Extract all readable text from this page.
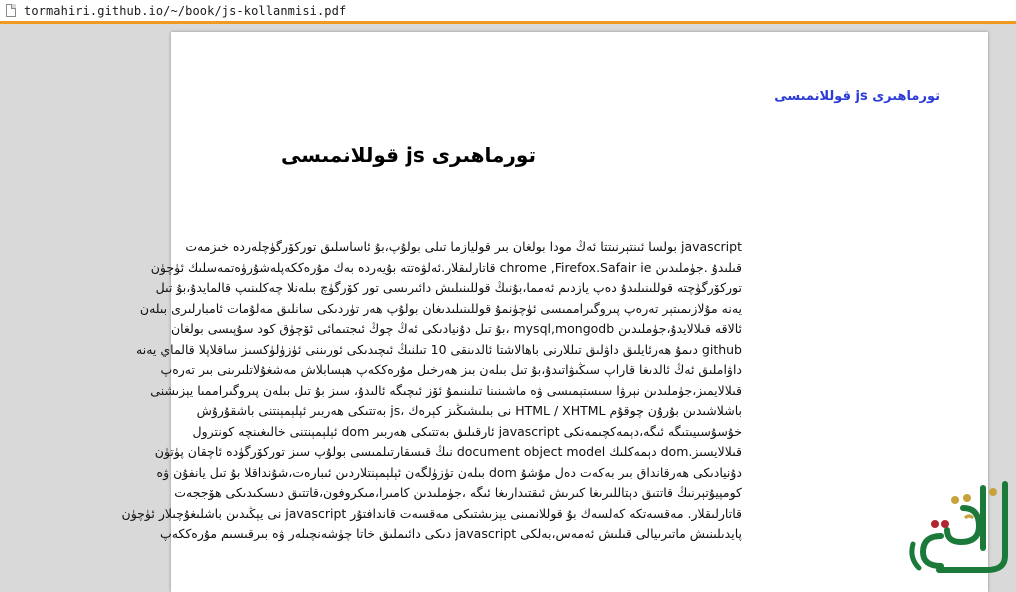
tormahiri.github.io/~/book/js-kollanmisi.pdf
تورماھىرى js قوللانمىسى
تورماھىرى js قوللانمىسى
javascript بولسا ئىنتېرنىتتا ئەڭ مودا بولغان بىر قوليازما تىلى بولۇپ،بۇ ئاساسلىق توركۆرگۈچلەردە خىزمەت
قىلىدۇ .جۈملىدىن chrome ,Firefox.Safair ie قاتارلىقلار.ئەلۋەتتە بۇيەردە بەك مۇرەككەپلەشۇرۈەتمەسلىك ئۈچۈن
توركۆرگۈچتە قوللىنىلىدۇ دەپ يازدىم ئەمما،بۇنىڭ قوللىنىلىش دائىرىسى تور كۆرگۈچ بىلەنلا چەكلىنىپ قالمايدۇ،بۇ تىل
يەنە مۇلازىمىتېر تەرەپ پىروگىراممىسى ئۈچۈنمۇ قوللىنىلىدىغان بولۇپ ھەر تۈردىكى سانلىق مەلۇمات ئامبارلىرى بىلەن
ئالاقە قىلالايدۇ،جۈملىدىن mysql,mongodb ،بۇ تىل دۇنيادىكى ئەڭ چوڭ ئىجتىمائى ئۆچۈق كود سۇپىسى بولغان
github دىمۇ ھەرئايلىق داۋلىق تىللارنى باھالاشتا ئالدىنقى 10 تىلنىڭ ئىچىدىكى ئورىننى ئۈزۈلۈكسىز ساقلاپلا قالماي يەنە
داۋاملىق ئەڭ ئالدىغا قاراپ سىڭىۋاتىدۇ،بۇ تىل بىلەن بىز ھەرخىل مۇرەككەپ ھېسابلاش مەشغۇلاتلىرىنى بىر تەرەپ
قىلالايمىز،جۈملىدىن نېرۋا سىستېمىسى ۋە ماشىنىنا تىلىنىمۇ ئۆز ئىچىگە ئالىدۇ، سىز بۇ تىل بىلەن پىروگىراممىا يېزىشنى
باشلاشىدىن بۇرۇن چوقۇم HTML / XHTML نى بىلىشىڭىز كېرەك ،js بەتتىكى ھەربىر ئېلېمېنتنى باشقۇرۇش
خۇسۇسىيىتىگە ئىگە،دېمەكچىمەنكى javascript ئارقىلىق بەتتىكى ھەربىر dom ئېلېمېنتنى خالىغىنچە كونترول
قىلالايسىز.dom دېمەكلىك document object model نىڭ قىسقارتىلمىسى بولۇپ سىز توركۆرگۈدە ئاچقان پۈتۈن
دۇنيادىكى ھەرقانداق بىر بەكەت دەل مۇشۇ dom بىلەن تۈزۈلگەن ئېلېمېنتلاردىن ئىبارەت،شۇنداقلا بۇ تىل يانفۇن ۋە
كومپيۇتېرنىڭ قاتتىق دېتاللىرىغا كىرىش ئىقتىدارىغا ئىگە ،جۈملىدىن كامىرا،مىكروفون،قاتتىق دىسكىدىكى ھۆججەت
قاتارلىقلار. مەقسەتكە كەلسەك بۇ قوللانمىنى يېزىشتىكى مەقسەت قاندافتۇر javascript نى يېڭىدىن باشلىغۇچىلار ئۈچۈن
پايدىلىنىش ماتىرىيالى قىلىش ئەمەس،بەلكى javascript دىكى دائىملىق خاتا چۈشەنچىلەر ۋە بىرقىسىم مۇرەككەپ
